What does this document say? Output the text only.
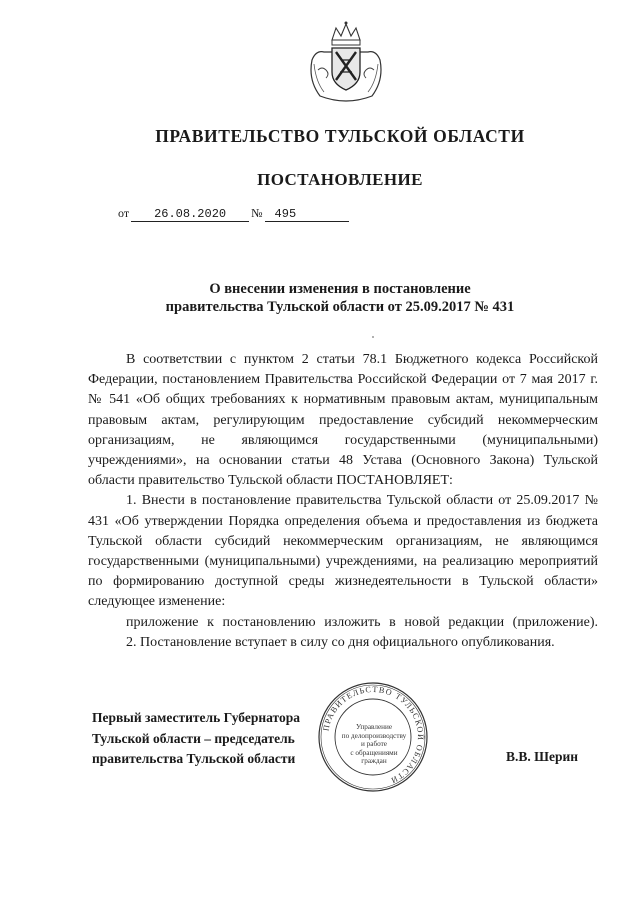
ПРАВИТЕЛЬСТВО ТУЛЬСКОЙ ОБЛАСТИ
ПОСТАНОВЛЕНИЕ
от 26.08.2020 № 495
О внесении изменения в постановление
правительства Тульской области от 25.09.2017 № 431

В соответствии с пунктом 2 статьи 78.1 Бюджетного кодекса Российской Федерации, постановлением Правительства Российской Федерации от 7 мая 2017 г. № 541 «Об общих требованиях к нормативным правовым актам, муниципальным правовым актам, регулирующим предоставление субсидий некоммерческим организациям, не являющимся государственными (муниципальными) учреждениями», на основании статьи 48 Устава (Основного Закона) Тульской области правительство Тульской области ПОСТАНОВЛЯЕТ:

1. Внести в постановление правительства Тульской области от 25.09.2017 № 431 «Об утверждении Порядка определения объема и предоставления из бюджета Тульской области субсидий некоммерческим организациям, не являющимся государственными (муниципальными) учреждениями, на реализацию мероприятий по формированию доступной среды жизнедеятельности в Тульской области» следующее изменение:

приложение к постановлению изложить в новой редакции (приложение).

2. Постановление вступает в силу со дня официального опубликования.

Первый заместитель Губернатора
Тульской области – председатель
правительства Тульской области
ПРАВИТЕЛЬСТВО ТУЛЬСКОЙ ОБЛАСТИ
Управление
по делопроизводству
и работе
с обращениями
граждан	В.В. Шерин
